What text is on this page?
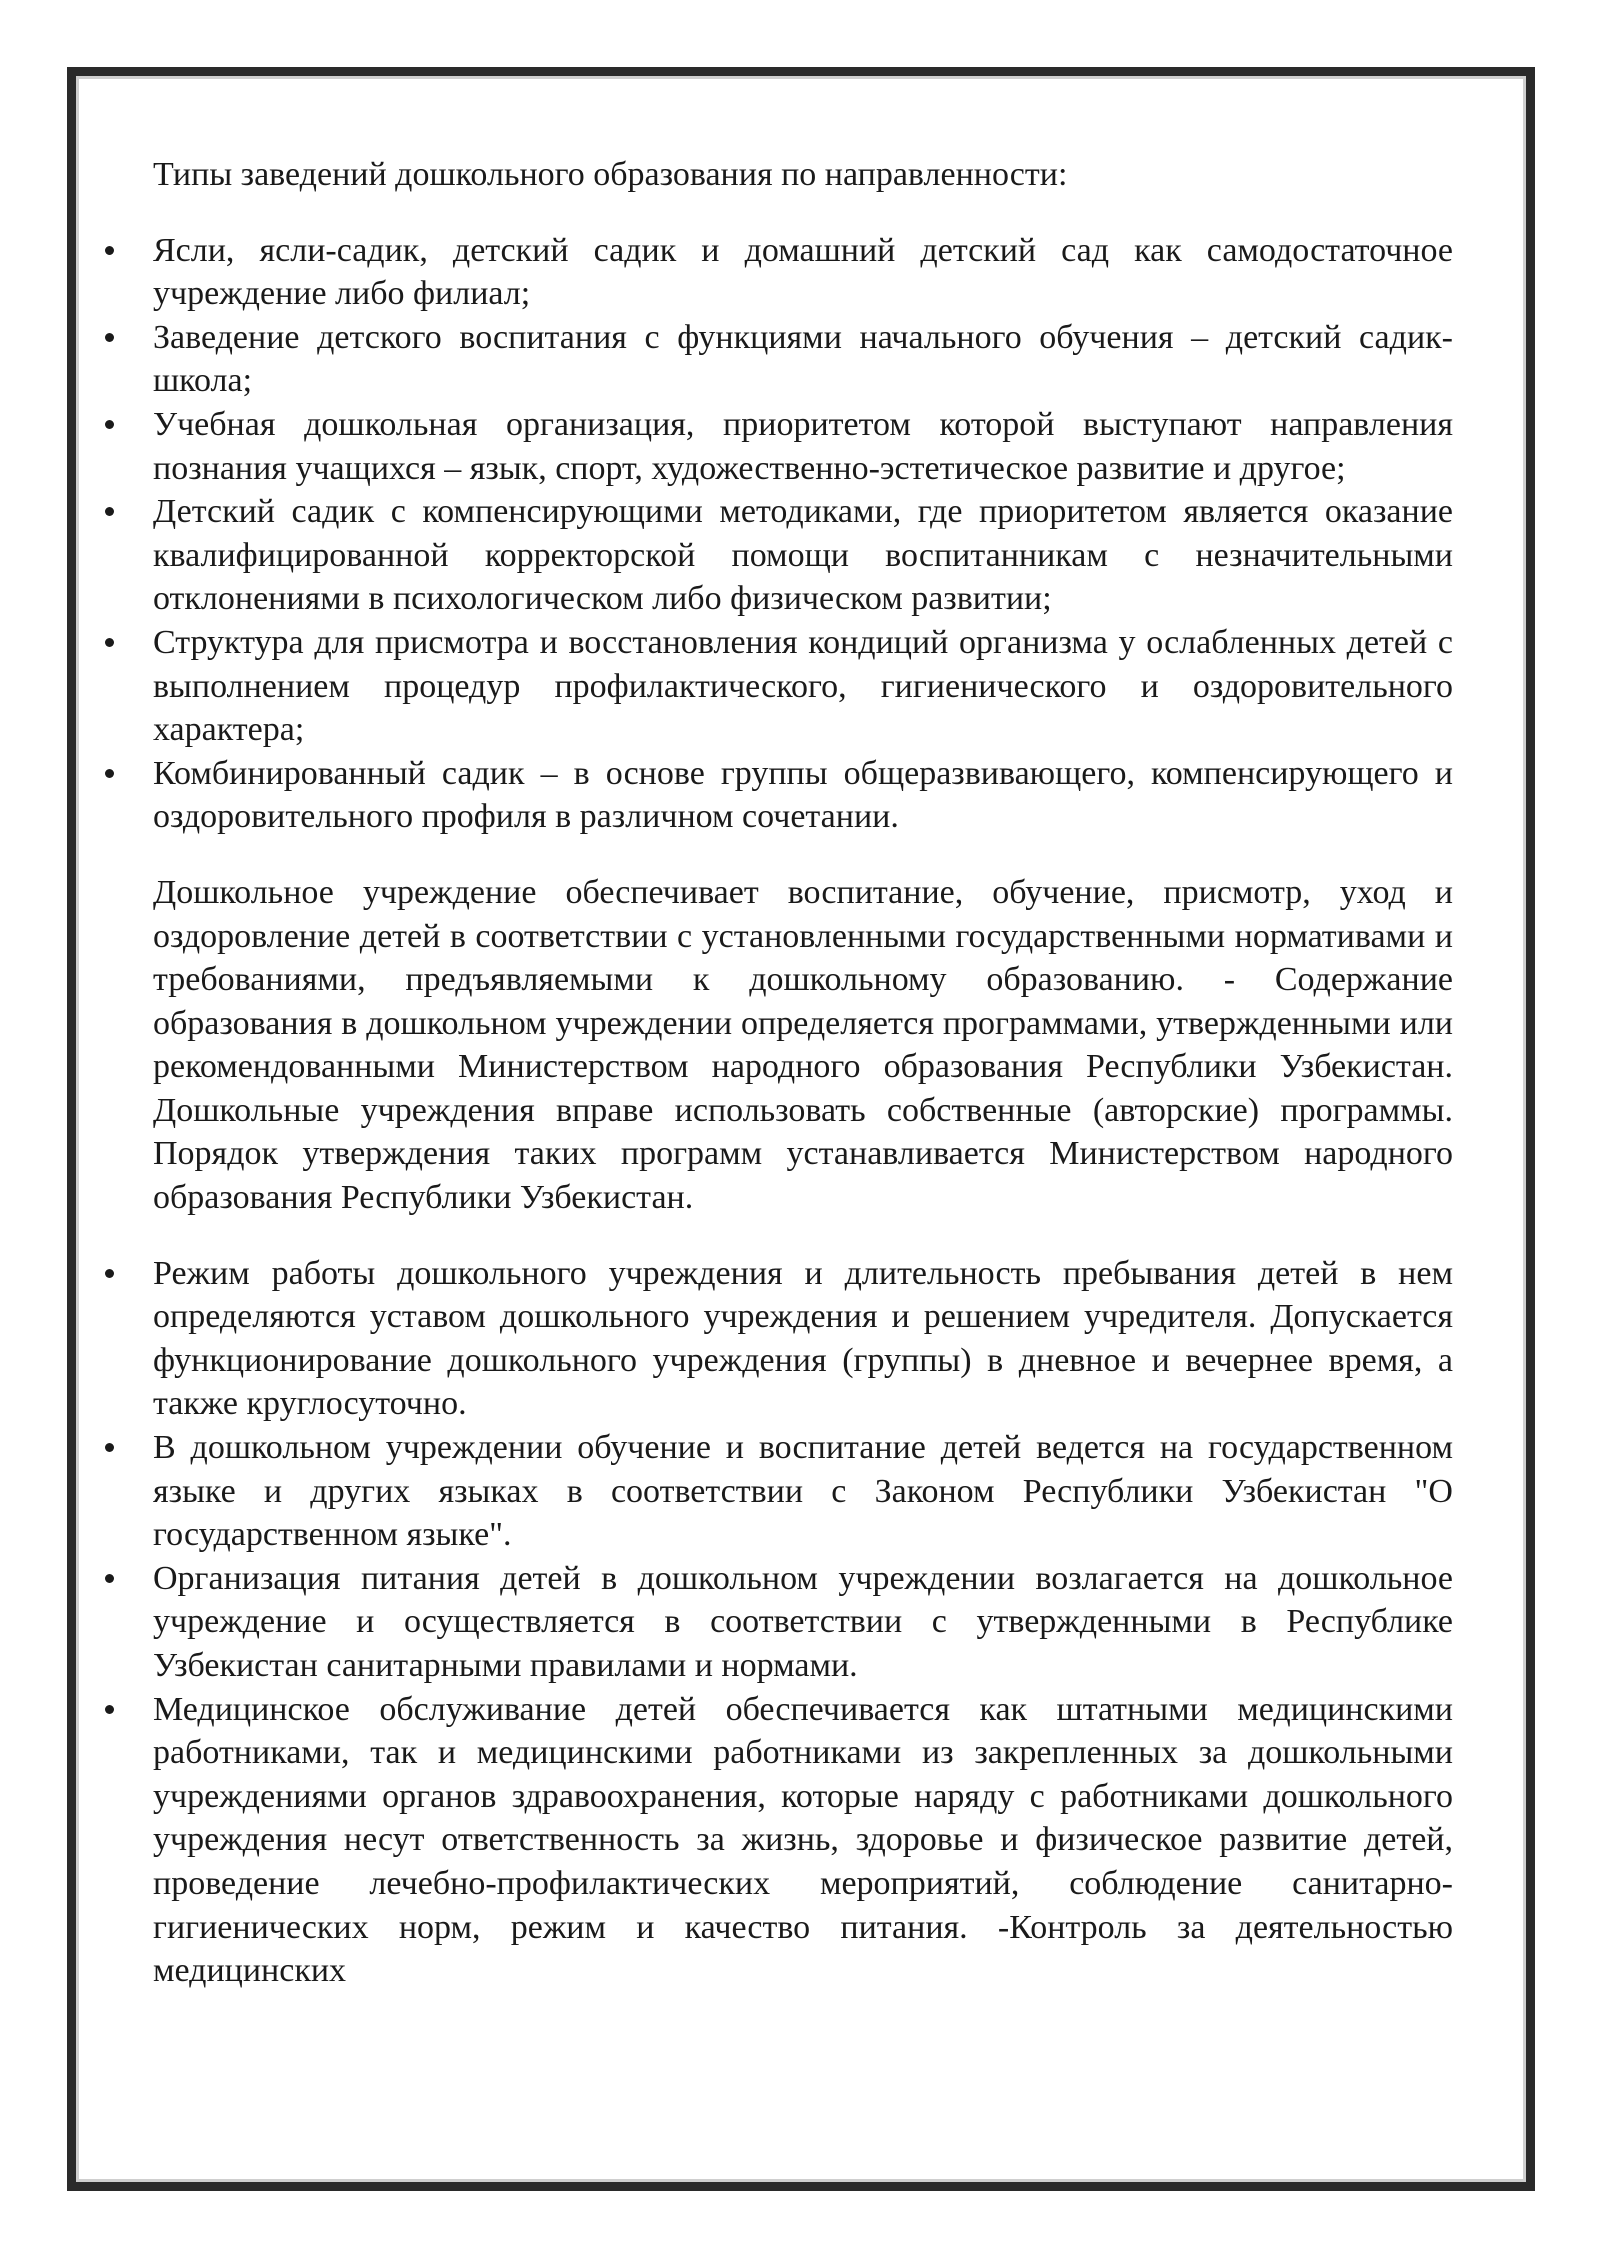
Типы заведений дошкольного образования по направленности:

Ясли, ясли-садик, детский садик и домашний детский сад как самодостаточное учреждение либо филиал;
Заведение детского воспитания с функциями начального обучения – детский садик-школа;
Учебная дошкольная организация, приоритетом которой выступают направления познания учащихся – язык, спорт, художественно-эстетическое развитие и другое;
Детский садик с компенсирующими методиками, где приоритетом является оказание квалифицированной корректорской помощи воспитанникам с незначительными отклонениями в психологическом либо физическом развитии;
Структура для присмотра и восстановления кондиций организма у ослабленных детей с выполнением процедур профилактического, гигиенического и оздоровительного характера;
Комбинированный садик – в основе группы общеразвивающего, компенсирующего и оздоровительного профиля в различном сочетании.

Дошкольное учреждение обеспечивает воспитание, обучение, присмотр, уход и оздоровление детей в соответствии с установленными государственными нормативами и требованиями, предъявляемыми к дошкольному образованию. - Содержание образования в дошкольном учреждении определяется программами, утвержденными или рекомендованными Министерством народного образования Республики Узбекистан. Дошкольные учреждения вправе использовать собственные (авторские) программы. Порядок утверждения таких программ устанавливается Министерством народного образования Республики Узбекистан.

Режим работы дошкольного учреждения и длительность пребывания детей в нем определяются уставом дошкольного учреждения и решением учредителя. Допускается функционирование дошкольного учреждения (группы) в дневное и вечернее время, а также круглосуточно.
В дошкольном учреждении обучение и воспитание детей ведется на государственном языке и других языках в соответствии с Законом Республики Узбекистан "О государственном языке".
Организация питания детей в дошкольном учреждении возлагается на дошкольное учреждение и осуществляется в соответствии с утвержденными в Республике Узбекистан санитарными правилами и нормами.
Медицинское обслуживание детей обеспечивается как штатными медицинскими работниками, так и медицинскими работниками из закрепленных за дошкольными учреждениями органов здравоохранения, которые наряду с работниками дошкольного учреждения несут ответственность за жизнь, здоровье и физическое развитие детей, проведение лечебно-профилактических мероприятий, соблюдение санитарно- гигиенических норм, режим и качество питания. -Контроль за деятельностью медицинских
